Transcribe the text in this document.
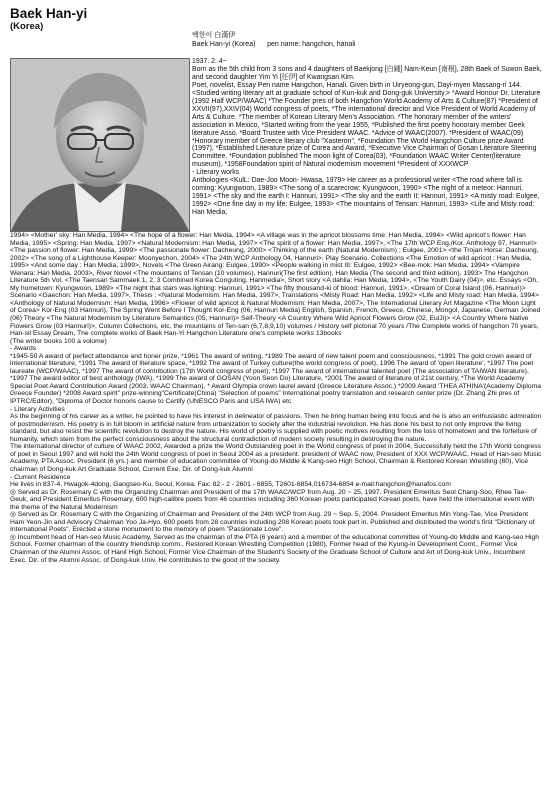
Baek Han-yi
(Korea)
백한이 白漢伊
Baek Han-yi (Korea)      pen name: hangchon, hanali

1937. 2. 4~

Born as the 5th child from 3 sons and 4 daughters of Baekjong [白鍾] Nam-Keun [南根], 28th Baek of Suwon Baek, and second daughter Yim Yi [任伊] of Kwangsan Kim.

Poet, novelist, Essay Pen name Hangchon, Hanali. Given birth in Uiryeong-gun, Dayi-myen Massang-ri 144. <Studied writing literary art at graduate school of Kun-kuk and Dong-guk University.> *Award Honour Dr. Literature (1992 Half WCP/WAAC) *The Founder pres of both Hangchon World Academy of Arts & Culture(87) *President of XXVII(97),XXIV(04) World congress of poets, *The international director and Vice President of World Academy of Arts & Culture. *The member of Korean Literary Men's Association. *The honorary member of the writers' association in Mexico, *Started writing from the year 1955, *Published the first poetry honorary member Geek literature Asso. *Board Trustee with Vice President WAAC. *Advice of WAAC(2007). *President of WAAC(09) *Honorary member of Greece literary club "Xasteron", *Foundation The World Hangchon Culture prize Award (1997), *Established Literature prize of Corea and Award, *Executive Vice Chairman of Gosan Literature Steering Committee. *Foundation published The moon light of Corea(03), *Foundation WAAC Writer Center(literature museum), *1958Foundation spirit of Natural modernism movement *President of XXXWCP

- Literary works

Anthologies <KulL: Dae-Joo Moon- Hwasa, 1979> He career as a professional writer <The road where fall is coming: Kyungwoon, 1989> <The song of a scarecrow: Kyungwoon, 1990> <The night of a meteor: Hannuri, 1991> <The sky and the earth I: Hannuri, 1991> <The sky and the earth II: Hannuri, 1991> <A misty road: Eulgee, 1992> <One fine day in my life: Eulgee, 1993> <The mountains of Tensan: Hannuri, 1993> <Life and Misty road: Han Media,

1994> <Mother' sky: Han Media, 1994> <The hope of a flower: Han Media, 1994> <A village was in the apricot blossoms time: Han Media, 1994> <Wild apricot's flower: Han Media, 1995> <Spring: Han Media, 1997> <Natural Modernism: Han Media, 1997> <The spirit of a flower: Han Media, 1997>, <The 17th WCP Eng./Kor. Anthology 97, Hannuri> <The passion of flower: Han Media, 1999> <The passionate flower: Dacheung, 2000> <Thinking of the earth (Natural Modernism) ; Eulgee, 2001> <the Trojan Horse: Dacheung, 2002> <The song of a Lighthouse Keeper: Moonyechon, 2004> <The 24th WCP Anthology 04, Hannuri>. Play Scenario. Collections <The Emotion of wild apricot : Han Media, 1995> <And some day : Han Media, 1999>, Novels <The Green Airang: Eulgee, 1990> <People walking in mist III: Eulgee, 1992> <Bee-mok: Han Media, 1994> <Vampire Wenara: Han Media, 2003>, River Novel <The mountains of Tensan (10 volumes), Hannuri(The first edition), Han Media (The second and third edition), 1993> The Hangchon Literature 5th Vol. <The Taensan Sammaek 1, 2, 3 Combined Korea Conguting, Hanmedia>, Short story <A dahlia: Han Media, 1994>, <The Youth Dairy (04)>, etc. Essays <Oh, My hometown: Kyungwoon, 1989> <The night that stars was lighting: Hannuri, 1991> <The fifty thousand-ki of blood: Hannuri, 1991>, <Dream of Coral Island (06, Hannuri)> Scenario <Gaechon: Han Media, 1997>, Thesis : <Natural Modernism: Han Media, 1997>, Translations <Misty Road: Han Media, 1992> <Life and Misty road: Han Media, 1994> <Anthology of Natural Modernism: Han Media, 1996> <Flower of wild apricot & Natural Modernism: Han Media, 2007>, The International Literary Art Magazine <The Moon Light of Corea> Kor-Eng (03 Hannuri), The Spring Went Before I Thought Kor-Eng (06, Hannuri Media) English, Spanish, French, Greece, Chinese, Mongol, Japanese, German Joined (06) Theory <The Natural Modernism by Literature Semantics (05, Hannuri)> Self-Theory <A Country Where Wild Apricot Flowers Grow (02, EulJi)> <A Country Where Native Flowers Grow (03 Hannuri)>, Column Collections, etc. the mountains of Ten-san (6,7,8,9,10) volumes / History self pictorial 70 years /The Complete works of hangchon 70 years, Han-sil Essay Dream, The complete works of Baek Han-Yi Hangchon Literature one's complete works 13books

(The writer books 100 a volume)

- Awards

*1945-50 A award of perfect attendance and honer prize, *1961 The award of writing, *1989 The award of new talent poem and consciousness, *1991 The gold crown award of international literature, *1991 The award of literature space, *1992 The award of Turkey culture(the world congress of poet), 1996 The award of 'open literature', *1997 The poet laureate (WCP/WAAC), *1997 The award of contribution (17th World congress of poet), *1997 The award of international talented poet (The association of TAIWAN literature), *1997 The award editor of best anthology (IWA), *1999 The award of GOSAN (Yoon Seon Do) Literature, *2001 The award of literature of 21st century, *The World Academy Special Poet Award Contribution Award (2003, WAAC Chairman), * Award Olympia crown laurel award (Greece Literature Assoc.) *2009 Award 'THEA ATHINA'(Academy Diploma Greece Founder) *2008 Award spirit" prize-winning"Certificate(China) "Selection of poems" International poetry translation and research center prize (Dr. Zhang Zhi pres of IPTRC/Editor), "Diploma of Doctor honoris cause to Certify (UNESCO Paris and USA IWA) etc

- Literary Activities

As the beginning of his career as a writer, he pointed to have his interest in delineator of passions. Then he bring human being into focus and he is also an enthusiastic admiration of postmodernism. His poetry is in full bloom in artificial nature from urbanization to society after the industrial revolution. He has done his best to not only improve the living standard, but also resist the scientific revolution to destroy the nature. His world of poetry is supplied with poetic motives resulting from the loss of hometown and the forfeiture of humanity, which stem from the perfect consciousness about the structural contradiction of modern society resulting in destroying the nature.

The international director of culture of WAAC 2002, Awarded a prize the World Outstanding poet in the World congress of poet in 2004, Successfully held the 17th World congress of poet in Seoul 1997 and will hold the 24th World congress of poet in Seoul 2004 as a president. president of WAAC now, President of XXX WCP/WAAC, Head of Han-seo Music Academy, PTA Assoc. President (6 yrs.) and member of education committee of Young-do Middle & Kang-seo High School, Chairman & Restored Korean Wrestling (80), Vice chairman of Dong-kuk Art Graduate School, Current Exe. Dir. of Dong-kuk Alumni

- Current Residence

He lives in 837-4, Hwagok-4dong, Gangseo-Ku, Seoul, Korea. Fax: 82 - 2 - 2601 - 6855, T2601-6854,016734-6854 e-mail:hangchon@hanafos.com

◎ Served as Dr. Rosemary C with the Organizing Chairman and President of the 17th WAAC/WCP from Aug. 20 ~ 25, 1997. President Emeritus Seol Chang-Soo, Rhee Tae-Geuk, and President Emeritus Rosemary, 600 high-calibre poets from 46 countries including 360 Korean poets participated Korean poets, have held the international event with the theme of the Natural Modernism

◎ Served as Dr. Rosemary C with the Organizing of Chairman and President of the 24th WCP from Aug. 29 ~ Sep. 5, 2004. President Emeritus Min Yong-Tae, Vice President Ham Yeon-Jin and Advisory Chairman Yoo Ja-Hyo. 600 poets from 28 countries including 208 Korean poets took part in. Published and distributed the world's first "Dictionary of International Poets". Erected a stone monument to the memory of poem "Passionate Love".

◎ Incumbent head of Han-seo Music Academy, Served as the chairman of the PTA (6 years) and a member of the educational committee of Young-do Middle and Kang-seo High School. Former chairman of the country friendship comm., Restored Korean Wrestling Competition (1980), Former head of the Kyung-in Development Comt., Former Vice Chairman of the Alumni Assoc. of Hanil High School, Former Vice Chairman of the Student's Society of the Graduate School of Culture and Art of Dong-kuk Univ., Incumbent Exec. Dir. of the Alumni Assoc. of Dong-kuk Univ. He contributes to the good of the society.
